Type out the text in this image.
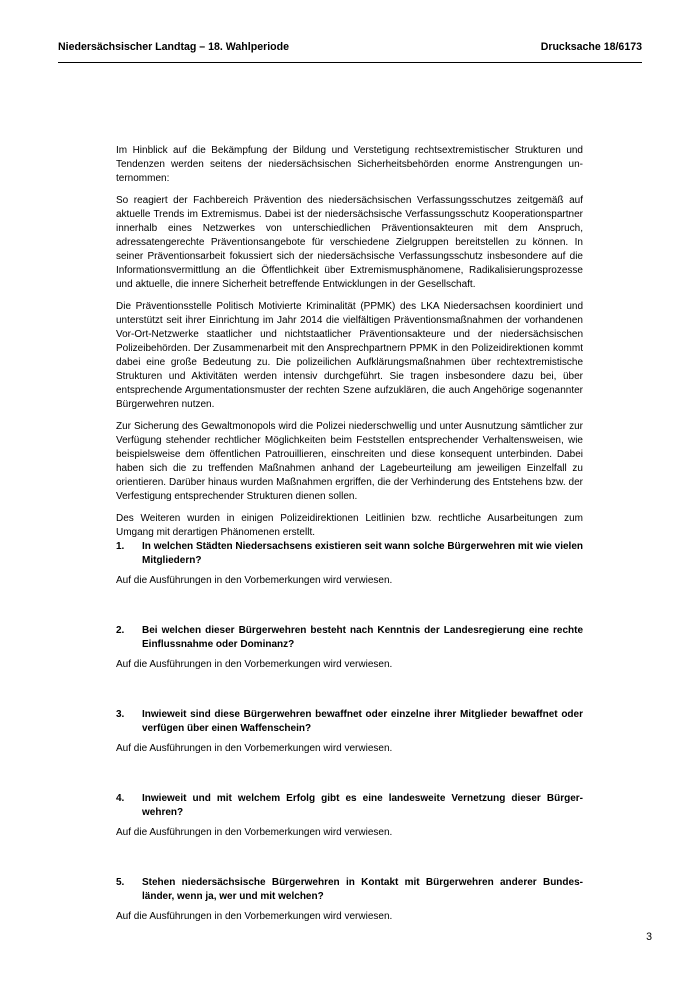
Niedersächsischer Landtag – 18. Wahlperiode	Drucksache 18/6173

Im Hinblick auf die Bekämpfung der Bildung und Verstetigung rechtsextremistischer Strukturen und Tendenzen werden seitens der niedersächsischen Sicherheitsbehörden enorme Anstrengungen unternommen:

So reagiert der Fachbereich Prävention des niedersächsischen Verfassungsschutzes zeitgemäß auf aktuelle Trends im Extremismus. Dabei ist der niedersächsische Verfassungsschutz Kooperationspartner innerhalb eines Netzwerkes von unterschiedlichen Präventionsakteuren mit dem Anspruch, adressatengerechte Präventionsangebote für verschiedene Zielgruppen bereitstellen zu können. In seiner Präventionsarbeit fokussiert sich der niedersächsische Verfassungsschutz insbesondere auf die Informationsvermittlung an die Öffentlichkeit über Extremismusphänomene, Radikalisierungsprozesse und aktuelle, die innere Sicherheit betreffende Entwicklungen in der Gesellschaft.

Die Präventionsstelle Politisch Motivierte Kriminalität (PPMK) des LKA Niedersachsen koordiniert und unterstützt seit ihrer Einrichtung im Jahr 2014 die vielfältigen Präventionsmaßnahmen der vorhandenen Vor-Ort-Netzwerke staatlicher und nichtstaatlicher Präventionsakteure und der niedersächsischen Polizeibehörden. Der Zusammenarbeit mit den Ansprechpartnern PPMK in den Polizeidirektionen kommt dabei eine große Bedeutung zu. Die polizeilichen Aufklärungsmaßnahmen über rechtextremistische Strukturen und Aktivitäten werden intensiv durchgeführt. Sie tragen insbesondere dazu bei, über entsprechende Argumentationsmuster der rechten Szene aufzuklären, die auch Angehörige sogenannter Bürgerwehren nutzen.

Zur Sicherung des Gewaltmonopols wird die Polizei niederschwellig und unter Ausnutzung sämtlicher zur Verfügung stehender rechtlicher Möglichkeiten beim Feststellen entsprechender Verhaltensweisen, wie beispielsweise dem öffentlichen Patrouillieren, einschreiten und diese konsequent unterbinden. Dabei haben sich die zu treffenden Maßnahmen anhand der Lagebeurteilung am jeweiligen Einzelfall zu orientieren. Darüber hinaus wurden Maßnahmen ergriffen, die der Verhinderung des Entstehens bzw. der Verfestigung entsprechender Strukturen dienen sollen.

Des Weiteren wurden in einigen Polizeidirektionen Leitlinien bzw. rechtliche Ausarbeitungen zum Umgang mit derartigen Phänomenen erstellt.

1.	In welchen Städten Niedersachsens existieren seit wann solche Bürgerwehren mit wie vielen Mitgliedern?

Auf die Ausführungen in den Vorbemerkungen wird verwiesen.

2.	Bei welchen dieser Bürgerwehren besteht nach Kenntnis der Landesregierung eine rechte Einflussnahme oder Dominanz?

Auf die Ausführungen in den Vorbemerkungen wird verwiesen.

3.	Inwieweit sind diese Bürgerwehren bewaffnet oder einzelne ihrer Mitglieder bewaffnet oder verfügen über einen Waffenschein?

Auf die Ausführungen in den Vorbemerkungen wird verwiesen.

4.	Inwieweit und mit welchem Erfolg gibt es eine landesweite Vernetzung dieser Bürgerwehren?

Auf die Ausführungen in den Vorbemerkungen wird verwiesen.

5.	Stehen niedersächsische Bürgerwehren in Kontakt mit Bürgerwehren anderer Bundesländer, wenn ja, wer und mit welchen?

Auf die Ausführungen in den Vorbemerkungen wird verwiesen.

3
